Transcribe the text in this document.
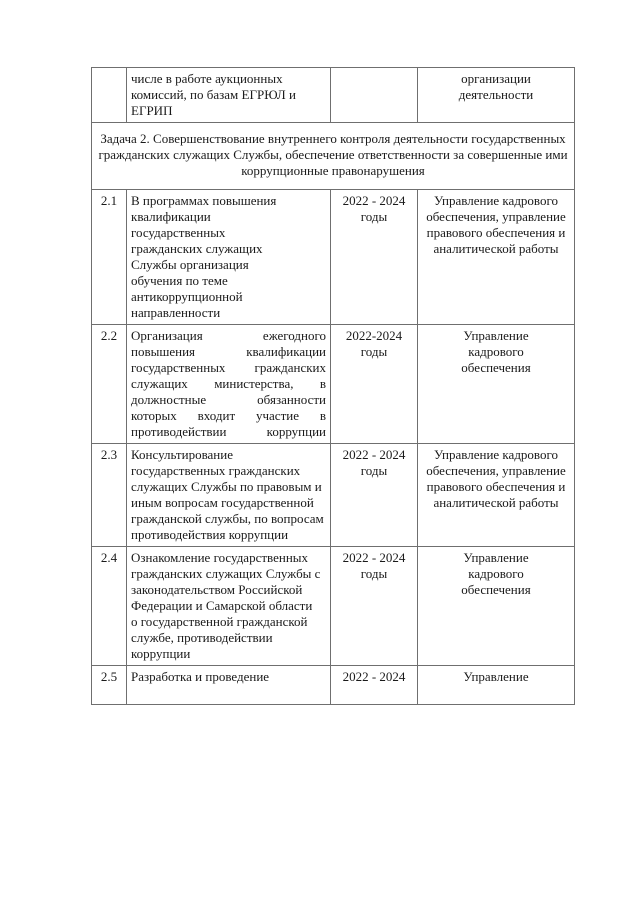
	числе в работе аукционных комиссий, по базам ЕГРЮЛ и ЕГРИП		организации деятельности

Задача 2. Совершенствование внутреннего контроля деятельности государственных гражданских служащих Службы, обеспечение ответственности за совершенные ими коррупционные правонарушения			
2.1	В программах повышения квалификации государственных гражданских служащих Службы организация обучения по теме антикоррупционной направленности	2022 - 2024 годы	Управление кадрового обеспечения, управление правового обеспечения и аналитической работы
2.2	Организация ежегодного повышения квалификации государственных гражданских служащих министерства, в должностные обязанности которых входит участие в противодействии коррупции	2022-2024 годы	Управление кадрового обеспечения

2.3	Консультирование государственных гражданских служащих Службы по правовым и иным вопросам государственной гражданской службы, по вопросам противодействия коррупции	2022 - 2024 годы	Управление кадрового обеспечения, управление правового обеспечения и аналитической работы
2.4	Ознакомление государственных гражданских служащих Службы с законодательством Российской Федерации и Самарской области о государственной гражданской службе, противодействии коррупции	2022 - 2024 годы	Управление кадрового обеспечения

2.5	Разработка и проведение	2022 - 2024	Управление
